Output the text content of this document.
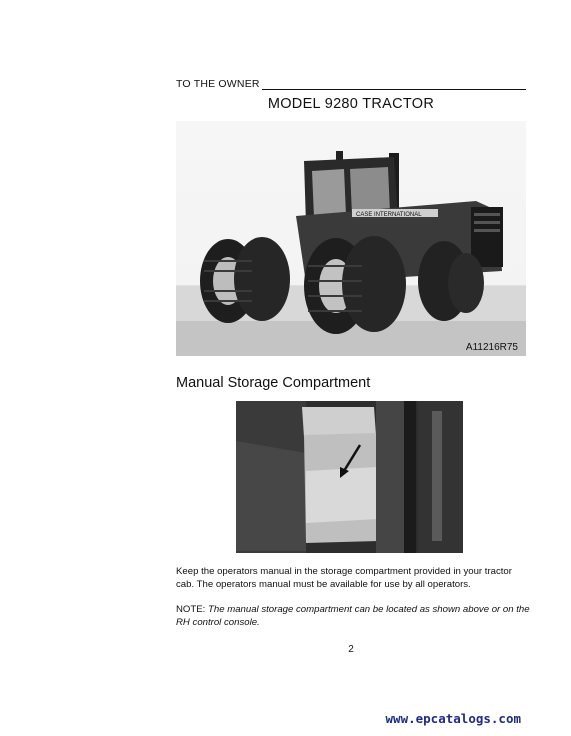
TO THE OWNER
MODEL 9280 TRACTOR
CASE INTERNATIONAL
A11216R75
Manual Storage Compartment
Keep the operators manual in the storage compartment provided in your tractor cab. The operators manual must be available for use by all operators.
NOTE: The manual storage compartment can be located as shown above or on the RH control console.
2
www.epcatalogs.com
